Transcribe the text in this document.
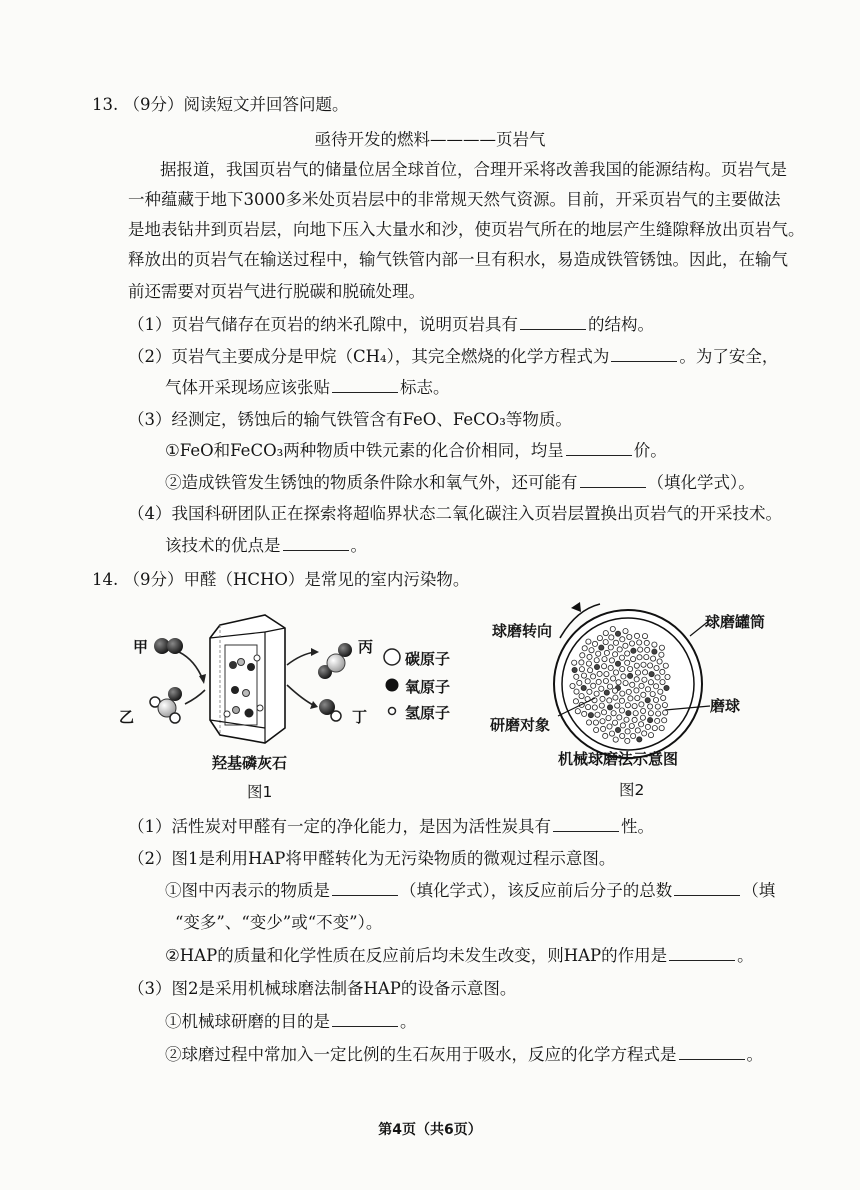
13. （9分）阅读短文并回答问题。
亟待开发的燃料————页岩气
据报道，我国页岩气的储量位居全球首位，合理开采将改善我国的能源结构。页岩气是
一种蕴藏于地下3000多米处页岩层中的非常规天然气资源。目前，开采页岩气的主要做法
是地表钻井到页岩层，向地下压入大量水和沙，使页岩气所在的地层产生缝隙释放出页岩气。
释放出的页岩气在输送过程中，输气铁管内部一旦有积水，易造成铁管锈蚀。因此，在输气
前还需要对页岩气进行脱碳和脱硫处理。
（1）页岩气储存在页岩的纳米孔隙中，说明页岩具有	的结构。
（2）页岩气主要成分是甲烷（CH₄），其完全燃烧的化学方程式为	。为了安全，
气体开采现场应该张贴	标志。
（3）经测定，锈蚀后的输气铁管含有FeO、FeCO₃等物质。
①FeO和FeCO₃两种物质中铁元素的化合价相同，均呈	价。
②造成铁管发生锈蚀的物质条件除水和氧气外，还可能有	（填化学式）。
（4）我国科研团队正在探索将超临界状态二氧化碳注入页岩层置换出页岩气的开采技术。
该技术的优点是	。
14. （9分）甲醛（HCHO）是常见的室内污染物。
甲
乙
丙
丁
碳原子
氧原子
氢原子
羟基磷灰石
图1
球磨转向	球磨罐筒
磨球
研磨对象
机械球磨法示意图
图2
（1）活性炭对甲醛有一定的净化能力，是因为活性炭具有	性。
（2）图1是利用HAP将甲醛转化为无污染物质的微观过程示意图。
①图中丙表示的物质是	（填化学式），该反应前后分子的总数	（填
“变多”、“变少”或“不变”）。
②HAP的质量和化学性质在反应前后均未发生改变，则HAP的作用是	。
（3）图2是采用机械球磨法制备HAP的设备示意图。
①机械球研磨的目的是	。
②球磨过程中常加入一定比例的生石灰用于吸水，反应的化学方程式是	。
第4页（共6页）
